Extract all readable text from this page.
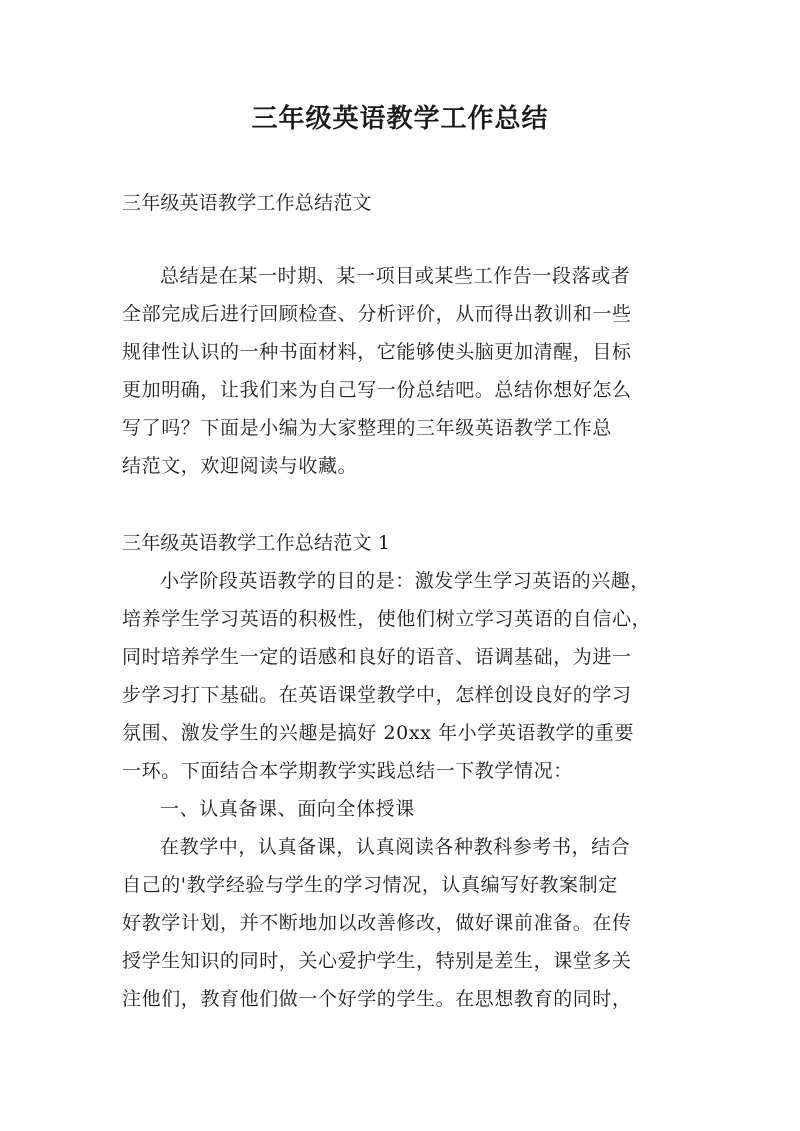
三年级英语教学工作总结
三年级英语教学工作总结范文
总结是在某一时期、某一项目或某些工作告一段落或者
全部完成后进行回顾检查、分析评价，从而得出教训和一些
规律性认识的一种书面材料，它能够使头脑更加清醒，目标
更加明确，让我们来为自己写一份总结吧。总结你想好怎么
写了吗？下面是小编为大家整理的三年级英语教学工作总
结范文，欢迎阅读与收藏。
三年级英语教学工作总结范文 1
小学阶段英语教学的目的是：激发学生学习英语的兴趣，
培养学生学习英语的积极性，使他们树立学习英语的自信心，
同时培养学生一定的语感和良好的语音、语调基础，为进一
步学习打下基础。在英语课堂教学中，怎样创设良好的学习
氛围、激发学生的兴趣是搞好 20xx 年小学英语教学的重要
一环。下面结合本学期教学实践总结一下教学情况：
一、认真备课、面向全体授课
在教学中，认真备课，认真阅读各种教科参考书，结合
自己的'教学经验与学生的学习情况，认真编写好教案制定
好教学计划，并不断地加以改善修改，做好课前准备。在传
授学生知识的同时，关心爱护学生，特别是差生，课堂多关
注他们，教育他们做一个好学的学生。在思想教育的同时，
